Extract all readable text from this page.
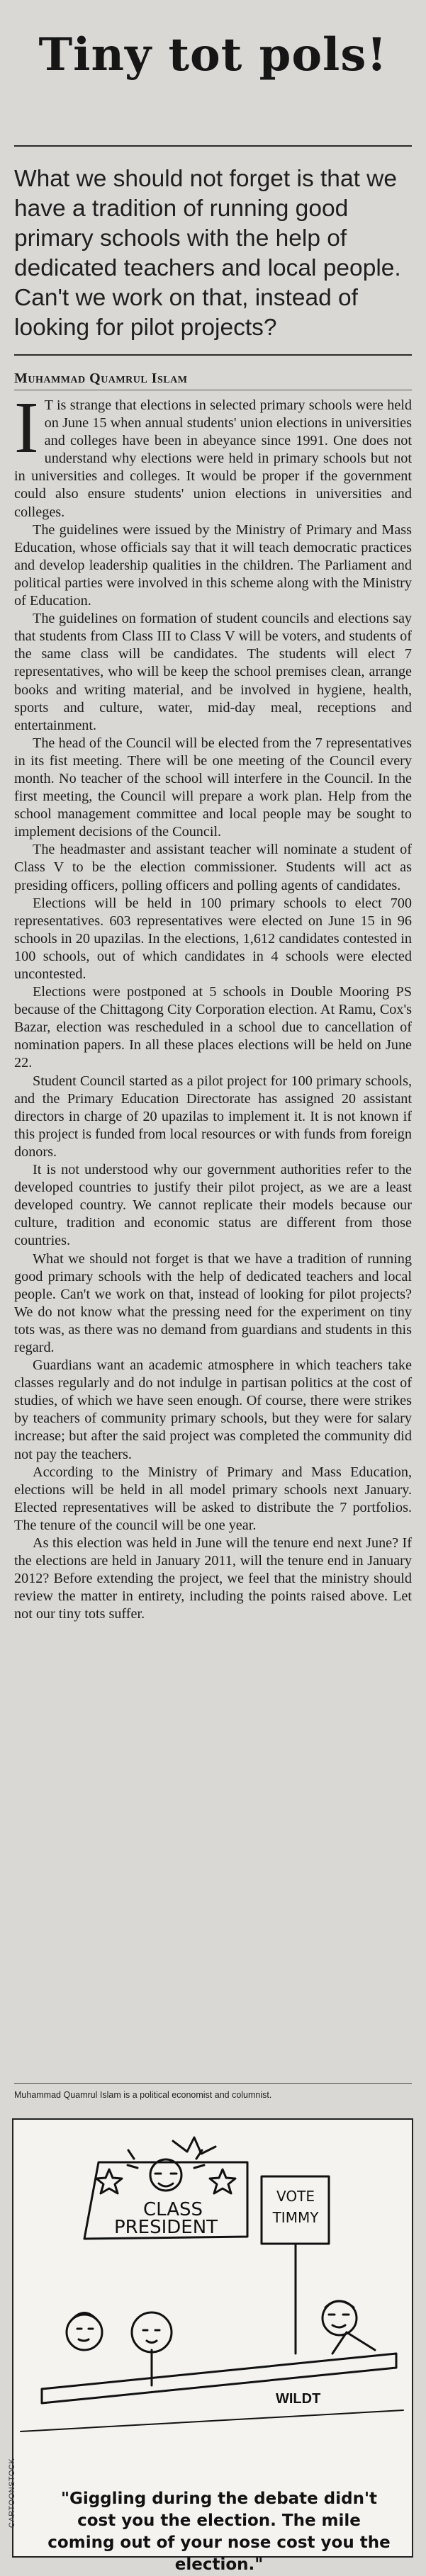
Tiny tot pols!
What we should not forget is that we have a tradition of running good primary schools with the help of dedicated teachers and local people. Can't we work on that, instead of looking for pilot projects?
Muhammad Quamrul Islam

I T is strange that elections in selected primary schools were held on June 15 when annual students' union elections in universities and colleges have been in abeyance since 1991. One does not understand why elections were held in primary schools but not in universities and colleges. It would be proper if the government could also ensure students' union elections in universities and colleges.

The guidelines were issued by the Ministry of Primary and Mass Education, whose officials say that it will teach democratic practices and develop leadership qualities in the children. The Parliament and political parties were involved in this scheme along with the Ministry of Education.

The guidelines on formation of student councils and elections say that students from Class III to Class V will be voters, and students of the same class will be candidates. The students will elect 7 representatives, who will be keep the school premises clean, arrange books and writing material, and be involved in hygiene, health, sports and culture, water, mid-day meal, receptions and entertainment.

The head of the Council will be elected from the 7 representatives in its fist meeting. There will be one meeting of the Council every month. No teacher of the school will interfere in the Council. In the first meeting, the Council will prepare a work plan. Help from the school management committee and local people may be sought to implement decisions of the Council.

The headmaster and assistant teacher will nominate a student of Class V to be the election commissioner. Students will act as presiding officers, polling officers and polling agents of candidates.

Elections will be held in 100 primary schools to elect 700 representatives. 603 representatives were elected on June 15 in 96 schools in 20 upazilas. In the elections, 1,612 candidates contested in 100 schools, out of which candidates in 4 schools were elected uncontested.

Elections were postponed at 5 schools in Double Mooring PS because of the Chittagong City Corporation election. At Ramu, Cox's Bazar, election was rescheduled in a school due to cancellation of nomination papers. In all these places elections will be held on June 22.

Student Council started as a pilot project for 100 primary schools, and the Primary Education Directorate has assigned 20 assistant directors in charge of 20 upazilas to implement it. It is not known if this project is funded from local resources or with funds from foreign donors.

It is not understood why our government authorities refer to the developed countries to justify their pilot project, as we are a least developed country. We cannot replicate their models because our culture, tradition and economic status are different from those countries.

What we should not forget is that we have a tradition of running good primary schools with the help of dedicated teachers and local people. Can't we work on that, instead of looking for pilot projects? We do not know what the pressing need for the experiment on tiny tots was, as there was no demand from guardians and students in this regard.

Guardians want an academic atmosphere in which teachers take classes regularly and do not indulge in partisan politics at the cost of studies, of which we have seen enough. Of course, there were strikes by teachers of community primary schools, but they were for salary increase; but after the said project was completed the community did not pay the teachers.

According to the Ministry of Primary and Mass Education, elections will be held in all model primary schools next January. Elected representatives will be asked to distribute the 7 portfolios. The tenure of the council will be one year.

As this election was held in June will the tenure end next June? If the elections are held in January 2011, will the tenure end in January 2012? Before extending the project, we feel that the ministry should review the matter in entirety, including the points raised above. Let not our tiny tots suffer.

Muhammad Quamrul Islam is a political economist and columnist.
WILDT
CLASS
PRESIDENT
VOTE
TIMMY
"Giggling during the debate didn't cost you the election. The mile coming out of your nose cost you the election."
CARTOONSTOCK
